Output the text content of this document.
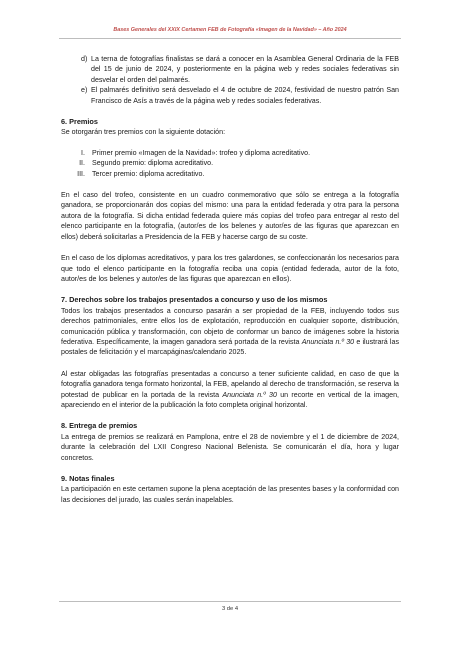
Bases Generales del XXIX Certamen FEB de Fotografía «Imagen de la Navidad» – Año 2024
d) La terna de fotografías finalistas se dará a conocer en la Asamblea General Ordinaria de la FEB del 15 de junio de 2024, y posteriormente en la página web y redes sociales federativas sin desvelar el orden del palmarés.

e) El palmarés definitivo será desvelado el 4 de octubre de 2024, festividad de nuestro patrón San Francisco de Asís a través de la página web y redes sociales federativas.

6. Premios

Se otorgarán tres premios con la siguiente dotación:

I. Primer premio «Imagen de la Navidad»: trofeo y diploma acreditativo.

II. Segundo premio: diploma acreditativo.

III. Tercer premio: diploma acreditativo.

En el caso del trofeo, consistente en un cuadro conmemorativo que sólo se entrega a la fotografía ganadora, se proporcionarán dos copias del mismo: una para la entidad federada y otra para la persona autora de la fotografía. Si dicha entidad federada quiere más copias del trofeo para entregar al resto del elenco participante en la fotografía, (autor/es de los belenes y autor/es de las figuras que aparezcan en ellos) deberá solicitarlas a Presidencia de la FEB y hacerse cargo de su coste.

En el caso de los diplomas acreditativos, y para los tres galardones, se confeccionarán los necesarios para que todo el elenco participante en la fotografía reciba una copia (entidad federada, autor de la foto, autor/es de los belenes y autor/es de las figuras que aparezcan en ellos).

7. Derechos sobre los trabajos presentados a concurso y uso de los mismos

Todos los trabajos presentados a concurso pasarán a ser propiedad de la FEB, incluyendo todos sus derechos patrimoniales, entre ellos los de explotación, reproducción en cualquier soporte, distribución, comunicación pública y transformación, con objeto de conformar un banco de imágenes sobre la historia federativa. Específicamente, la imagen ganadora será portada de la revista Anunciata n.º 30 e ilustrará las postales de felicitación y el marcapáginas/calendario 2025.

Al estar obligadas las fotografías presentadas a concurso a tener suficiente calidad, en caso de que la fotografía ganadora tenga formato horizontal, la FEB, apelando al derecho de transformación, se reserva la potestad de publicar en la portada de la revista Anunciata n.º 30 un recorte en vertical de la imagen, apareciendo en el interior de la publicación la foto completa original horizontal.

8. Entrega de premios

La entrega de premios se realizará en Pamplona, entre el 28 de noviembre y el 1 de diciembre de 2024, durante la celebración del LXII Congreso Nacional Belenista. Se comunicarán el día, hora y lugar concretos.

9. Notas finales

La participación en este certamen supone la plena aceptación de las presentes bases y la conformidad con las decisiones del jurado, las cuales serán inapelables.

3 de 4
